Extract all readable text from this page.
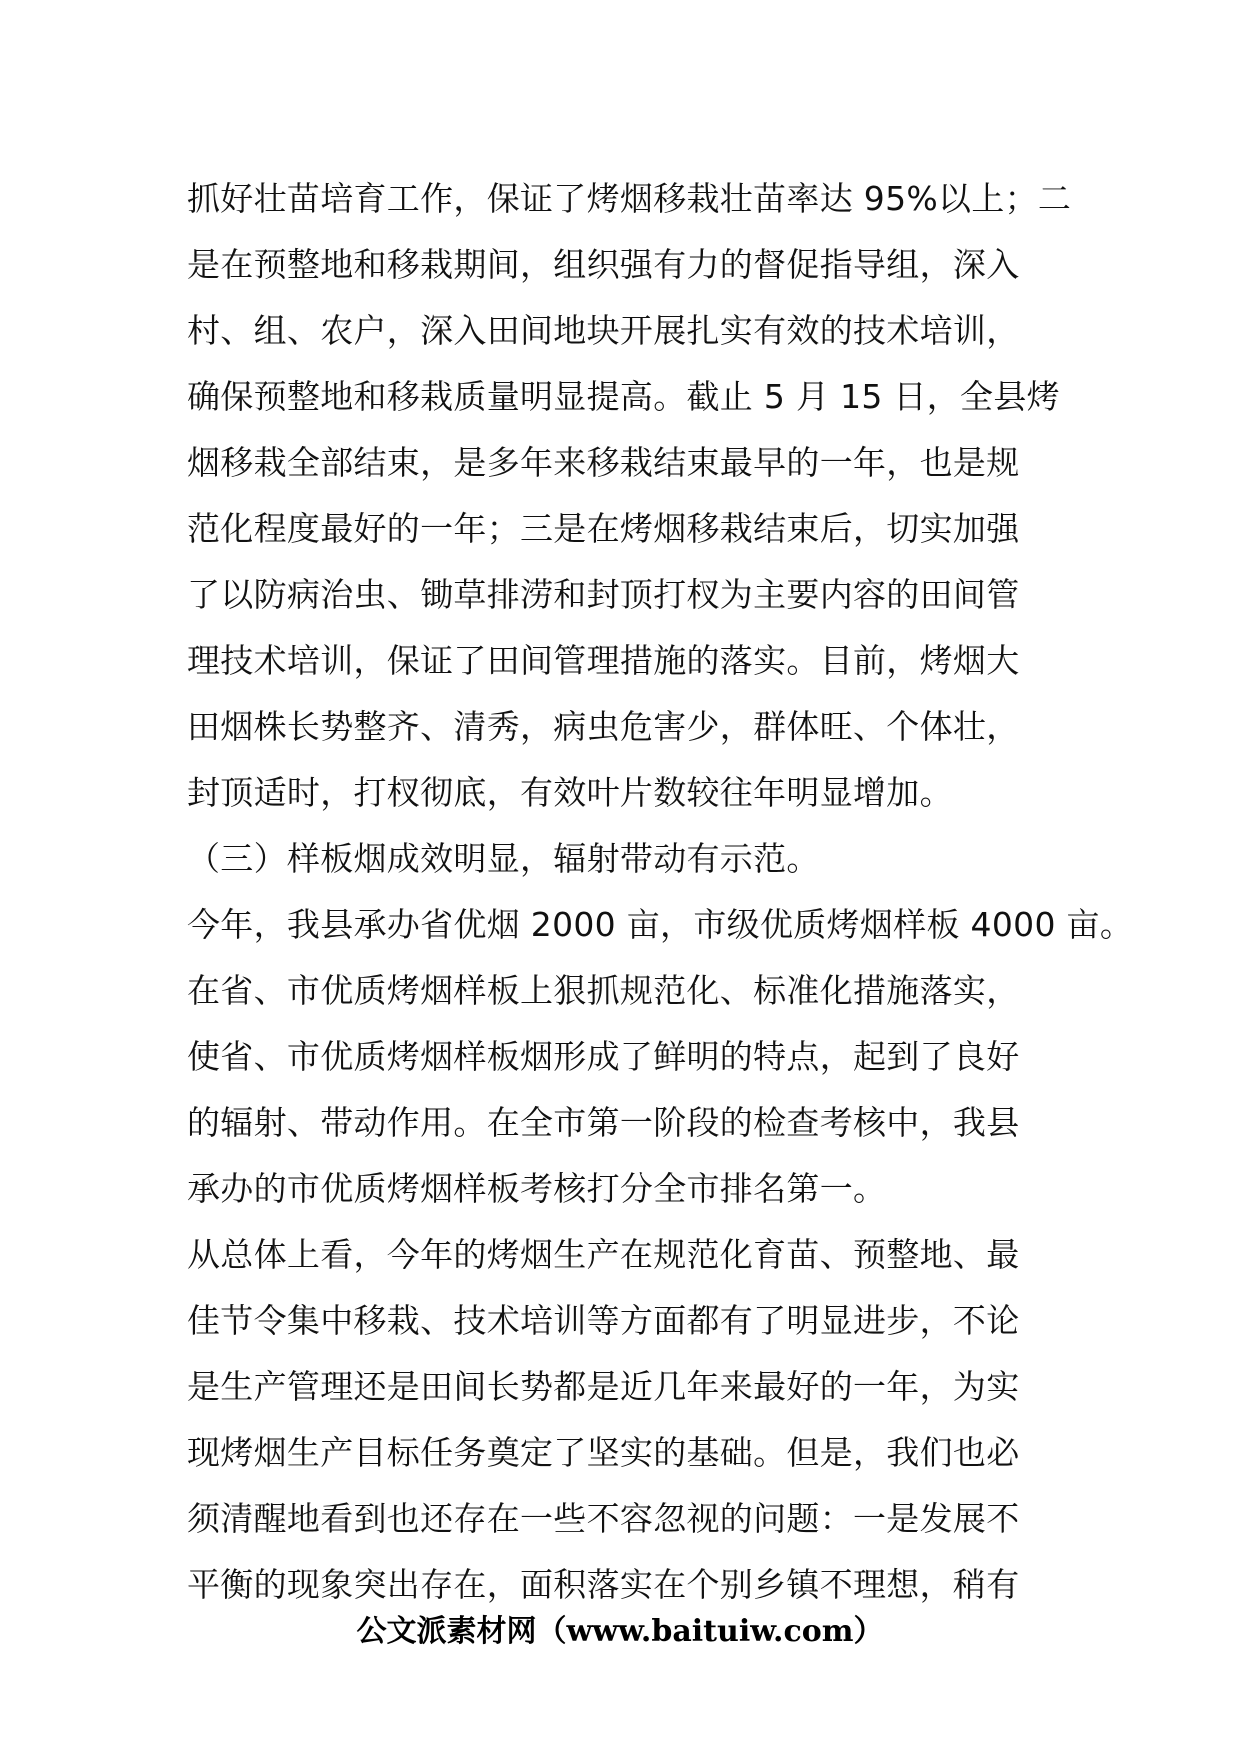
抓好壮苗培育工作，保证了烤烟移栽壮苗率达 95%以上；二
是在预整地和移栽期间，组织强有力的督促指导组，深入
村、组、农户，深入田间地块开展扎实有效的技术培训，
确保预整地和移栽质量明显提高。截止 5 月 15 日，全县烤
烟移栽全部结束，是多年来移栽结束最早的一年，也是规
范化程度最好的一年；三是在烤烟移栽结束后，切实加强
了以防病治虫、锄草排涝和封顶打杈为主要内容的田间管
理技术培训，保证了田间管理措施的落实。目前，烤烟大
田烟株长势整齐、清秀，病虫危害少，群体旺、个体壮，
封顶适时，打杈彻底，有效叶片数较往年明显增加。
（三）样板烟成效明显，辐射带动有示范。
今年，我县承办省优烟 2000 亩，市级优质烤烟样板 4000 亩。
在省、市优质烤烟样板上狠抓规范化、标准化措施落实，
使省、市优质烤烟样板烟形成了鲜明的特点，起到了良好
的辐射、带动作用。在全市第一阶段的检查考核中，我县
承办的市优质烤烟样板考核打分全市排名第一。
从总体上看，今年的烤烟生产在规范化育苗、预整地、最
佳节令集中移栽、技术培训等方面都有了明显进步，不论
是生产管理还是田间长势都是近几年来最好的一年，为实
现烤烟生产目标任务奠定了坚实的基础。但是，我们也必
须清醒地看到也还存在一些不容忽视的问题：一是发展不
平衡的现象突出存在，面积落实在个别乡镇不理想，稍有
公文派素材网（www.baituiw.com）
